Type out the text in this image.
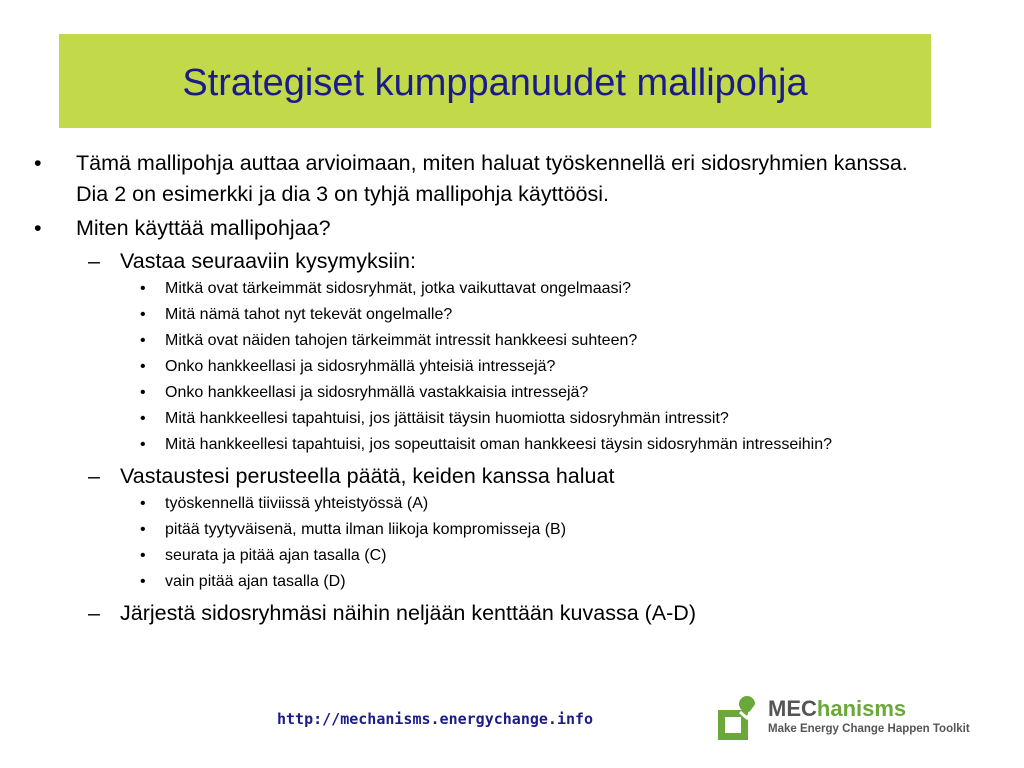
Strategiset kumppanuudet mallipohja
• Tämä mallipohja auttaa arvioimaan, miten haluat työskennellä eri sidosryhmien kanssa. Dia 2 on esimerkki ja dia 3 on tyhjä mallipohja käyttöösi.
• Miten käyttää mallipohjaa?
– Vastaa seuraaviin kysymyksiin:
• Mitkä ovat tärkeimmät sidosryhmät, jotka vaikuttavat ongelmaasi?
• Mitä nämä tahot nyt tekevät ongelmalle?
• Mitkä ovat näiden tahojen tärkeimmät intressit hankkeesi suhteen?
• Onko hankkeellasi ja sidosryhmällä yhteisiä intressejä?
• Onko hankkeellasi ja sidosryhmällä vastakkaisia intressejä?
• Mitä hankkeellesi tapahtuisi, jos jättäisit täysin huomiotta sidosryhmän intressit?
• Mitä hankkeellesi tapahtuisi, jos sopeuttaisit oman hankkeesi täysin sidosryhmän intresseihin?
– Vastaustesi perusteella päätä, keiden kanssa haluat
• työskennellä tiiviissä yhteistyössä (A)
• pitää tyytyväisenä, mutta ilman liikoja kompromisseja (B)
• seurata ja pitää ajan tasalla (C)
• vain pitää ajan tasalla (D)
– Järjestä sidosryhmäsi näihin neljään kenttään kuvassa (A-D)
http://mechanisms.energychange.info	MEChanisms
Make Energy Change Happen Toolkit
